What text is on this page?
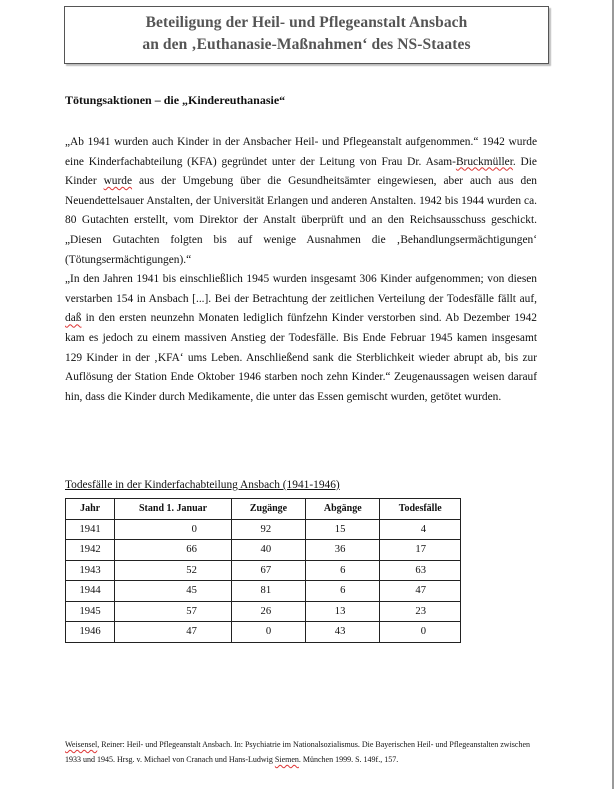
Beteiligung der Heil- und Pflegeanstalt Ansbach
an den ‚Euthanasie-Maßnahmen‘ des NS-Staates
Tötungsaktionen – die „Kindereuthanasie“

„Ab 1941 wurden auch Kinder in der Ansbacher Heil- und Pflegeanstalt aufgenommen.“ 1942 wurde eine Kinderfachabteilung (KFA) gegründet unter der Leitung von Frau Dr. Asam-Bruckmüller. Die Kinder wurde aus der Umgebung über die Gesundheitsämter eingewiesen, aber auch aus den Neuendettelsauer Anstalten, der Universität Erlangen und anderen Anstalten. 1942 bis 1944 wurden ca. 80 Gutachten erstellt, vom Direktor der Anstalt überprüft und an den Reichsausschuss geschickt. „Diesen Gutachten folgten bis auf wenige Ausnahmen die ‚Behandlungsermächtigungen‘ (Tötungsermächtigungen).“

„In den Jahren 1941 bis einschließlich 1945 wurden insgesamt 306 Kinder aufgenommen; von diesen verstarben 154 in Ansbach [...]. Bei der Betrachtung der zeitlichen Verteilung der Todesfälle fällt auf, daß in den ersten neunzehn Monaten lediglich fünfzehn Kinder verstorben sind. Ab Dezember 1942 kam es jedoch zu einem massiven Anstieg der Todesfälle. Bis Ende Februar 1945 kamen insgesamt 129 Kinder in der ‚KFA‘ ums Leben. Anschließend sank die Sterblichkeit wieder abrupt ab, bis zur Auflösung der Station Ende Oktober 1946 starben noch zehn Kinder.“ Zeugenaussagen weisen darauf hin, dass die Kinder durch Medikamente, die unter das Essen gemischt wurden, getötet wurden.

Todesfälle in der Kinderfachabteilung Ansbach (1941-1946)
Jahr	Stand 1. Januar	Zugänge	Abgänge	Todesfälle
1941	0	92	15	4
1942	66	40	36	17
1943	52	67	6	63
1944	45	81	6	47
1945	57	26	13	23
1946	47	0	43	0
Weisensel, Reiner: Heil- und Pflegeanstalt Ansbach. In: Psychiatrie im Nationalsozialismus. Die Bayerischen Heil- und Pflegeanstalten zwischen 1933 und 1945. Hrsg. v. Michael von Cranach und Hans-Ludwig Siemen. München 1999. S. 149f., 157.
